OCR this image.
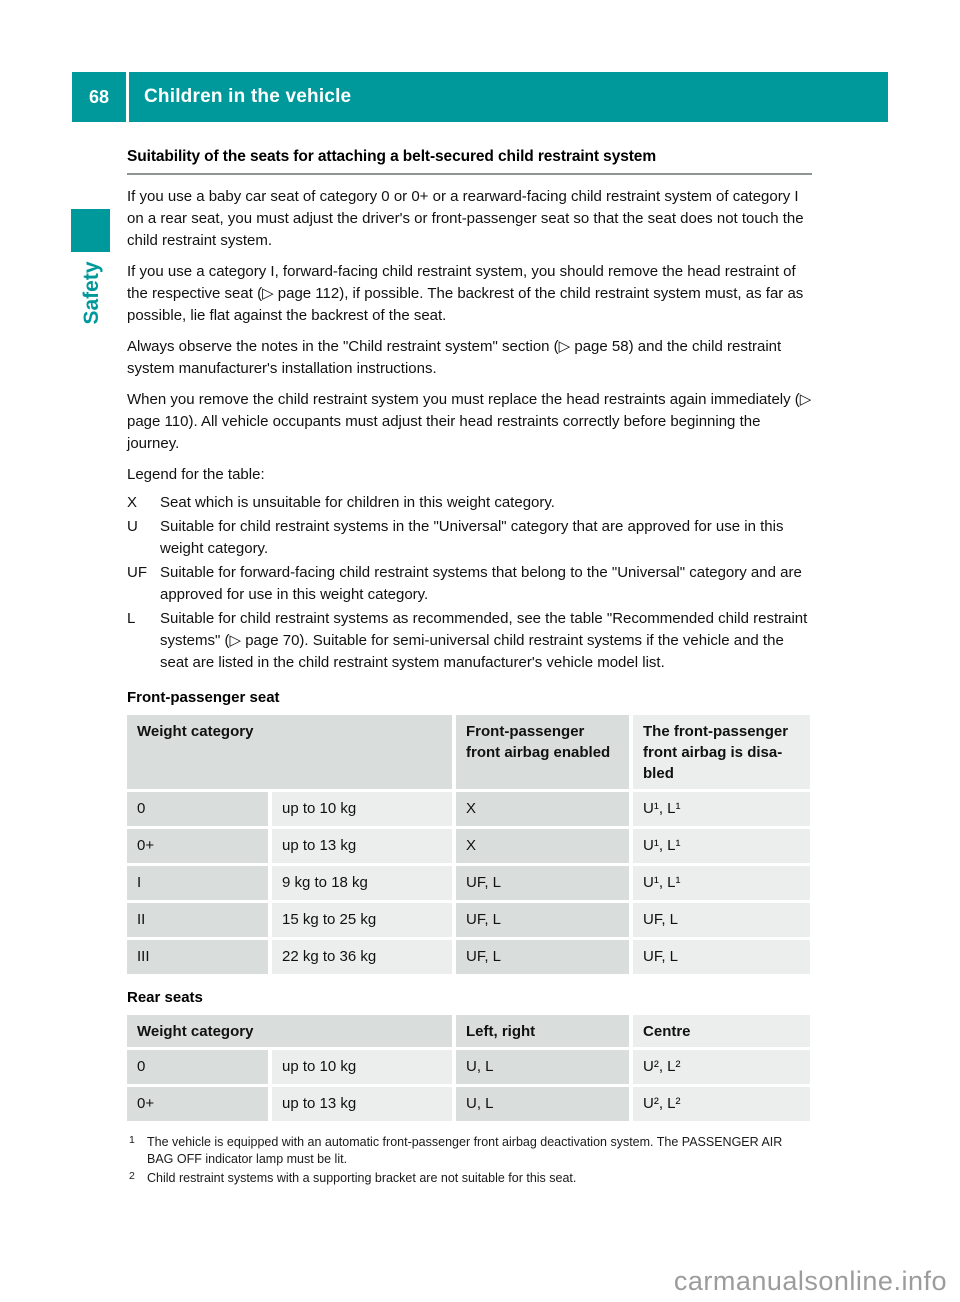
68	Children in the vehicle
Safety
Suitability of the seats for attaching a belt-secured child restraint system

If you use a baby car seat of category 0 or 0+ or a rearward-facing child restraint system of category I on a rear seat, you must adjust the driver's or front-passenger seat so that the seat does not touch the child restraint system.

If you use a category I, forward-facing child restraint system, you should remove the head restraint of the respective seat (▷ page 112), if possible. The backrest of the child restraint system must, as far as possible, lie flat against the backrest of the seat.

Always observe the notes in the "Child restraint system" section (▷ page 58) and the child restraint system manufacturer's installation instructions.

When you remove the child restraint system you must replace the head restraints again immediately (▷ page 110). All vehicle occupants must adjust their head restraints correctly before beginning the journey.

Legend for the table:

X	Seat which is unsuitable for children in this weight category.
U	Suitable for child restraint systems in the "Universal" category that are approved for use in this weight category.
UF Suitable for forward-facing child restraint systems that belong to the "Universal" category and are approved for use in this weight category.
L	Suitable for child restraint systems as recommended, see the table "Recommended child restraint systems" (▷ page 70). Suitable for semi-universal child restraint systems if the vehicle and the seat are listed in the child restraint system manufacturer's vehicle model list.
Front-passenger seat
Weight category		Front-passenger front airbag enabled	The front-passenger front airbag is disa-bled
0	up to 10 kg	X	U¹, L¹
0+	up to 13 kg	X	U¹, L¹
I	9 kg to 18 kg	UF, L	U¹, L¹
II	15 kg to 25 kg	UF, L	UF, L
III	22 kg to 36 kg	UF, L	UF, L
Rear seats
Weight category		Left, right	Centre
0	up to 10 kg	U, L	U², L²
0+	up to 13 kg	U, L	U², L²
1 The vehicle is equipped with an automatic front-passenger front airbag deactivation system. The PASSENGER AIR BAG OFF indicator lamp must be lit.
2 Child restraint systems with a supporting bracket are not suitable for this seat.
carmanualsonline.info
